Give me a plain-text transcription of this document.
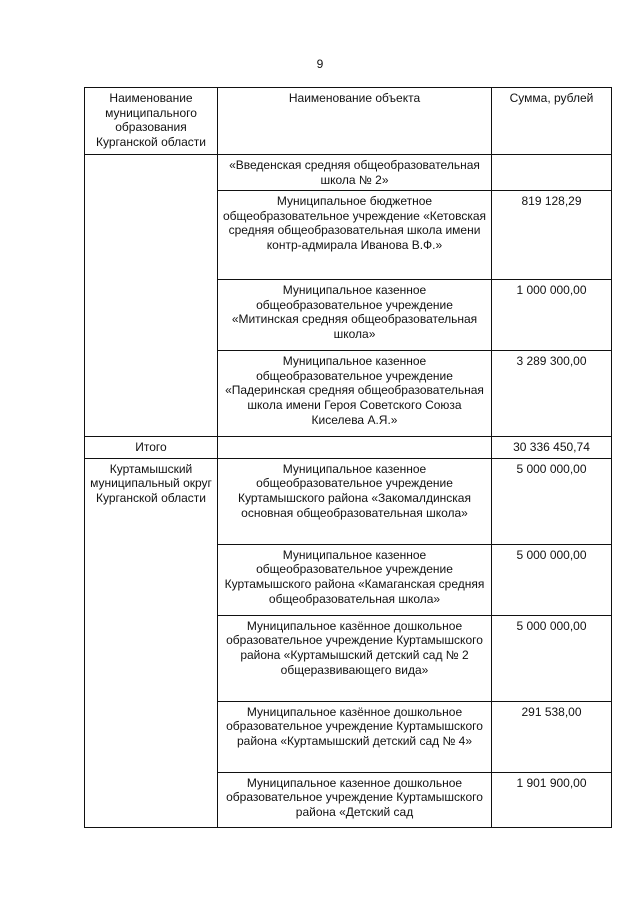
9
Наименование муниципального образования Курганской области	Наименование объекта	Сумма, рублей
	«Введенская средняя общеобразовательная школа № 2»	
	Муниципальное бюджетное общеобразовательное учреждение «Кетовская средняя общеобразовательная школа имени контр-адмирала Иванова В.Ф.»	819 128,29
	Муниципальное казенное общеобразовательное учреждение «Митинская средняя общеобразовательная школа»	1 000 000,00
	Муниципальное казенное общеобразовательное учреждение «Падеринская средняя общеобразовательная школа имени Героя Советского Союза Киселева А.Я.»	3 289 300,00
Итого		30 336 450,74
Куртамышский муниципальный округ Курганской области	Муниципальное казенное общеобразовательное учреждение Куртамышского района «Закомалдинская основная общеобразовательная школа»	5 000 000,00
	Муниципальное казенное общеобразовательное учреждение Куртамышского района «Камаганская средняя общеобразовательная школа»	5 000 000,00
	Муниципальное казённое дошкольное образовательное учреждение Куртамышского района «Куртамышский детский сад № 2 общеразвивающего вида»	5 000 000,00
	Муниципальное казённое дошкольное образовательное учреждение Куртамышского района «Куртамышский детский сад № 4»	291 538,00
	Муниципальное казенное дошкольное образовательное учреждение Куртамышского района «Детский сад	1 901 900,00
